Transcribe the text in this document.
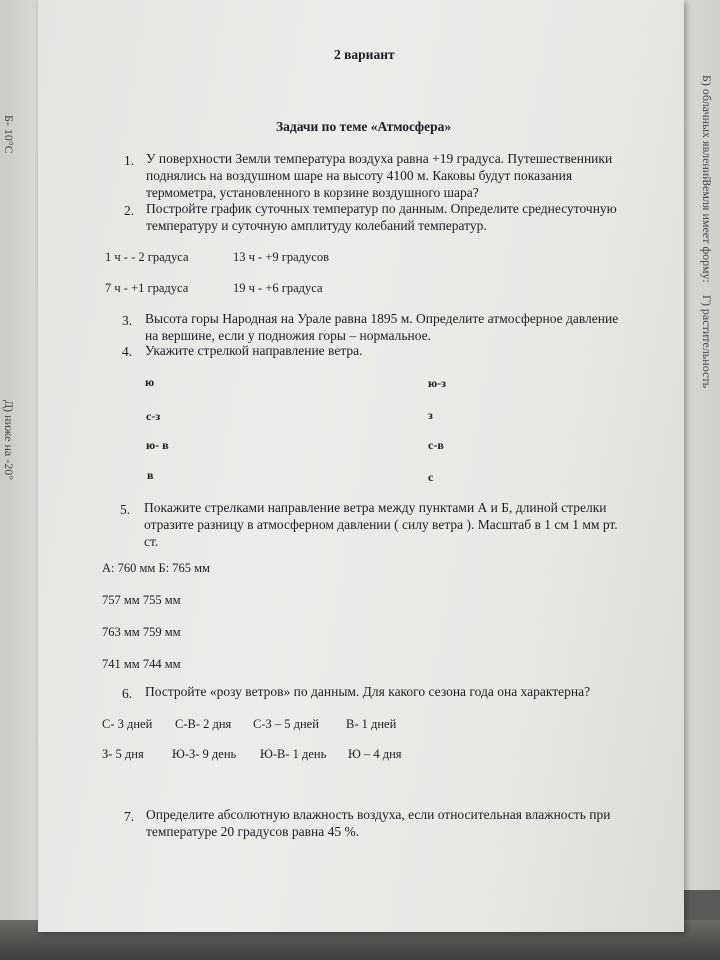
Б- 10°С
Д) ниже на -20°
Земля имеет форму:
Г) растительность
2 вариант
Задачи по теме «Атмосфера»
1. У поверхности Земли температура воздуха равна +19 градуса. Путешественники
поднялись на воздушном шаре на высоту 4100 м. Каковы будут показания
термометра, установленного в корзине воздушного шара?
2. Постройте график суточных температур по данным. Определите среднесуточную
температуру и суточную амплитуду колебаний температур.
1 ч - - 2 градуса	13 ч - +9 градусов
7 ч - +1 градуса	19 ч - +6 градуса
3. Высота горы Народная на Урале равна 1895 м. Определите атмосферное давление
на вершине, если у подножия горы – нормальное.
4. Укажите стрелкой направление ветра.
ю
с-з
ю- в
в
ю-з
з
с-в
с
5. Покажите стрелками направление ветра между пунктами А и Б, длиной стрелки
отразите разницу в атмосферном давлении ( силу ветра ). Масштаб в 1 см 1 мм рт.
ст.
А: 760 мм Б: 765 мм
757 мм 755 мм
763 мм 759 мм
741 мм 744 мм
6. Постройте «розу ветров» по данным. Для какого сезона года она характерна?
С- 3 дней С-В- 2 дня С-З – 5 дней В- 1 дней
З- 5 дня Ю-З- 9 день Ю-В- 1 день Ю – 4 дня
7. Определите абсолютную влажность воздуха, если относительная влажность при
температуре 20 градусов равна 45 %.
